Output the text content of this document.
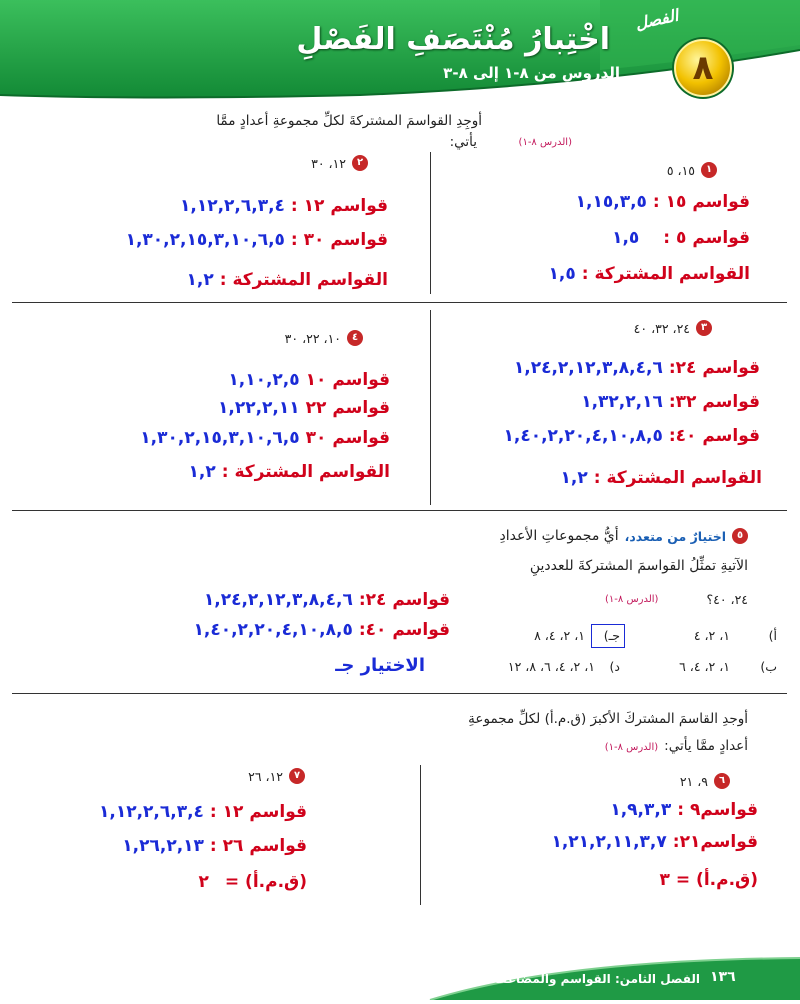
الفصل
٨
اخْتِبارُ مُنْتَصَفِ الفَصْلِ
الدروس من ٨-١ إلى ٨-٣
أوجِدِ القواسمَ المشتركةَ لكلِّ مجموعةِ أعدادٍ ممَّا
يأتي:	(الدرس ٨-١)
١
١٥، ٥
قواسم ١٥ :
١,١٥,٣,٥
قواسم ٥ :
١,٥
القواسم المشتركة :
١,٥
٢
١٢، ٣٠
قواسم ١٢ :
١,١٢,٢,٦,٣,٤
قواسم ٣٠ :
١,٣٠,٢,١٥,٣,١٠,٦,٥
القواسم المشتركة :
١,٢
٣
٢٤، ٣٢، ٤٠
قواسم ٢٤:
١,٢٤,٢,١٢,٣,٨,٤,٦
قواسم ٣٢:
١,٣٢,٢,١٦
قواسم ٤٠:
١,٤٠,٢,٢٠,٤,١٠,٨,٥
القواسم المشتركة :
١,٢
٤
١٠، ٢٢، ٣٠
قواسم ١٠
١,١٠,٢,٥
قواسم ٢٢
١,٢٢,٢,١١
قواسم ٣٠
١,٣٠,٢,١٥,٣,١٠,٦,٥
القواسم المشتركة :
١,٢
٥
اختيارٌ من متعدد،
أيُّ مجموعاتِ الأعدادِ
الآتيةِ تمثِّلُ القواسمَ المشتركةَ للعددينِ
٢٤، ٤٠؟
(الدرس ٨-١)
أ)
١، ٢، ٤
جـ)
١، ٢، ٤، ٨
ب)
١، ٢، ٤، ٦
د)
١، ٢، ٤، ٦، ٨، ١٢
قواسم ٢٤:
١,٢٤,٢,١٢,٣,٨,٤,٦
قواسم ٤٠:
١,٤٠,٢,٢٠,٤,١٠,٨,٥
الاختيار جـ
أوجدِ القاسمَ المشتركَ الأكبرَ (ق.م.أ) لكلِّ مجموعةِ
أعدادٍ ممَّا يأتي:
(الدرس ٨-١)
٦
٩، ٢١
قواسم٩ :
١,٩,٣,٣
قواسم٢١:
١,٢١,٢,١١,٣,٧
(ق.م.أ) =
٣
٧
١٢، ٢٦
قواسم ١٢ :
١,١٢,٢,٦,٣,٤
قواسم ٢٦ :
١,٢٦,٢,١٣
(ق.م.أ) =
٢
الفصل الثامن: القواسم والمضاعفات ١٣٦
